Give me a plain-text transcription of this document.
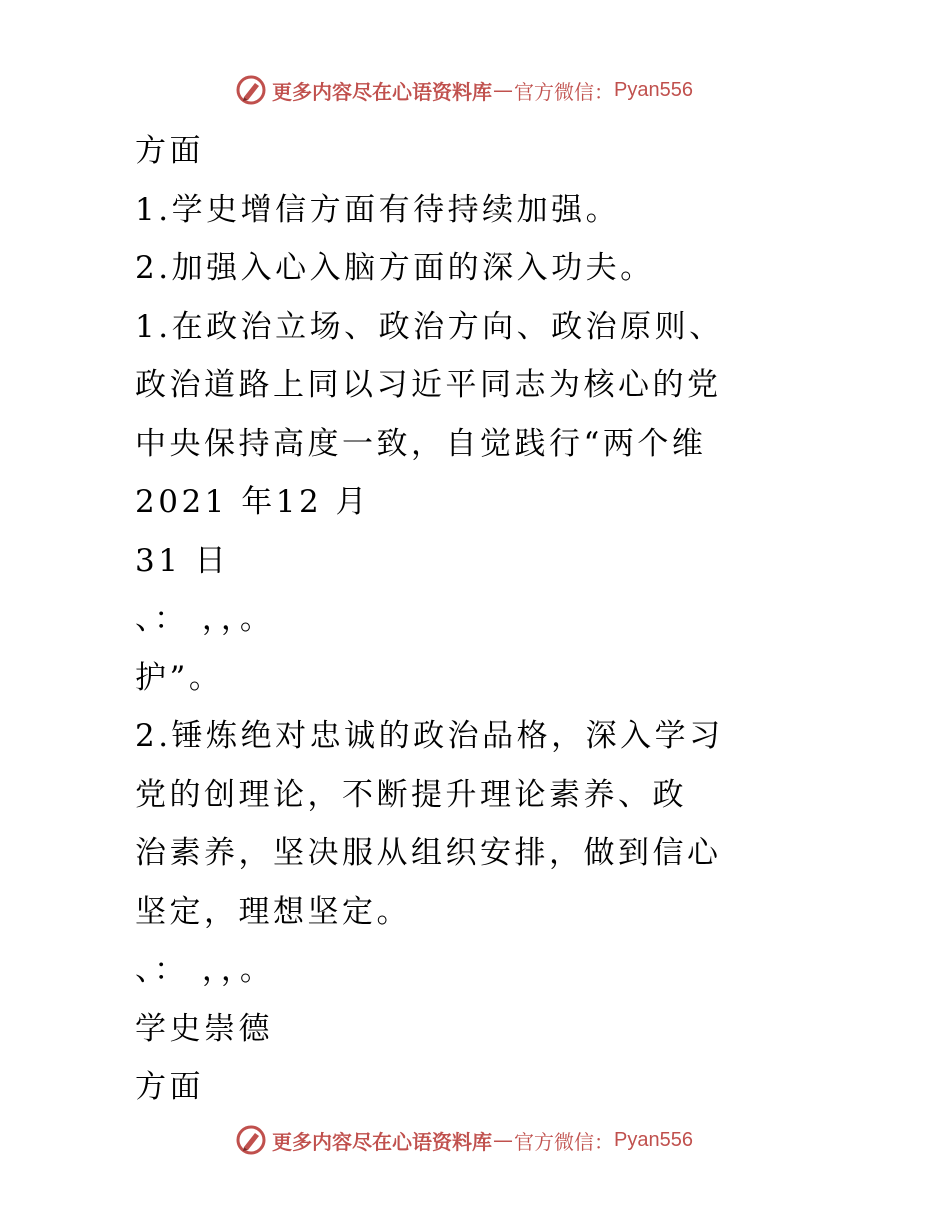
更多内容尽在心语资料库 — 官方微信： Pyan556
方面
1.学史增信方面有待持续加强。
2.加强入心入脑方面的深入功夫。
1.在政治立场、政治方向、政治原则、
政治道路上同以习近平同志为核心的党
中央保持高度一致，自觉践行“两个维
2021 年12 月
31 日
、： ，，。
护”。
2.锤炼绝对忠诚的政治品格，深入学习
党的创理论，不断提升理论素养、政
治素养，坚决服从组织安排，做到信心
坚定，理想坚定。
、： ，，。
学史崇德
方面
更多内容尽在心语资料库 — 官方微信： Pyan556
